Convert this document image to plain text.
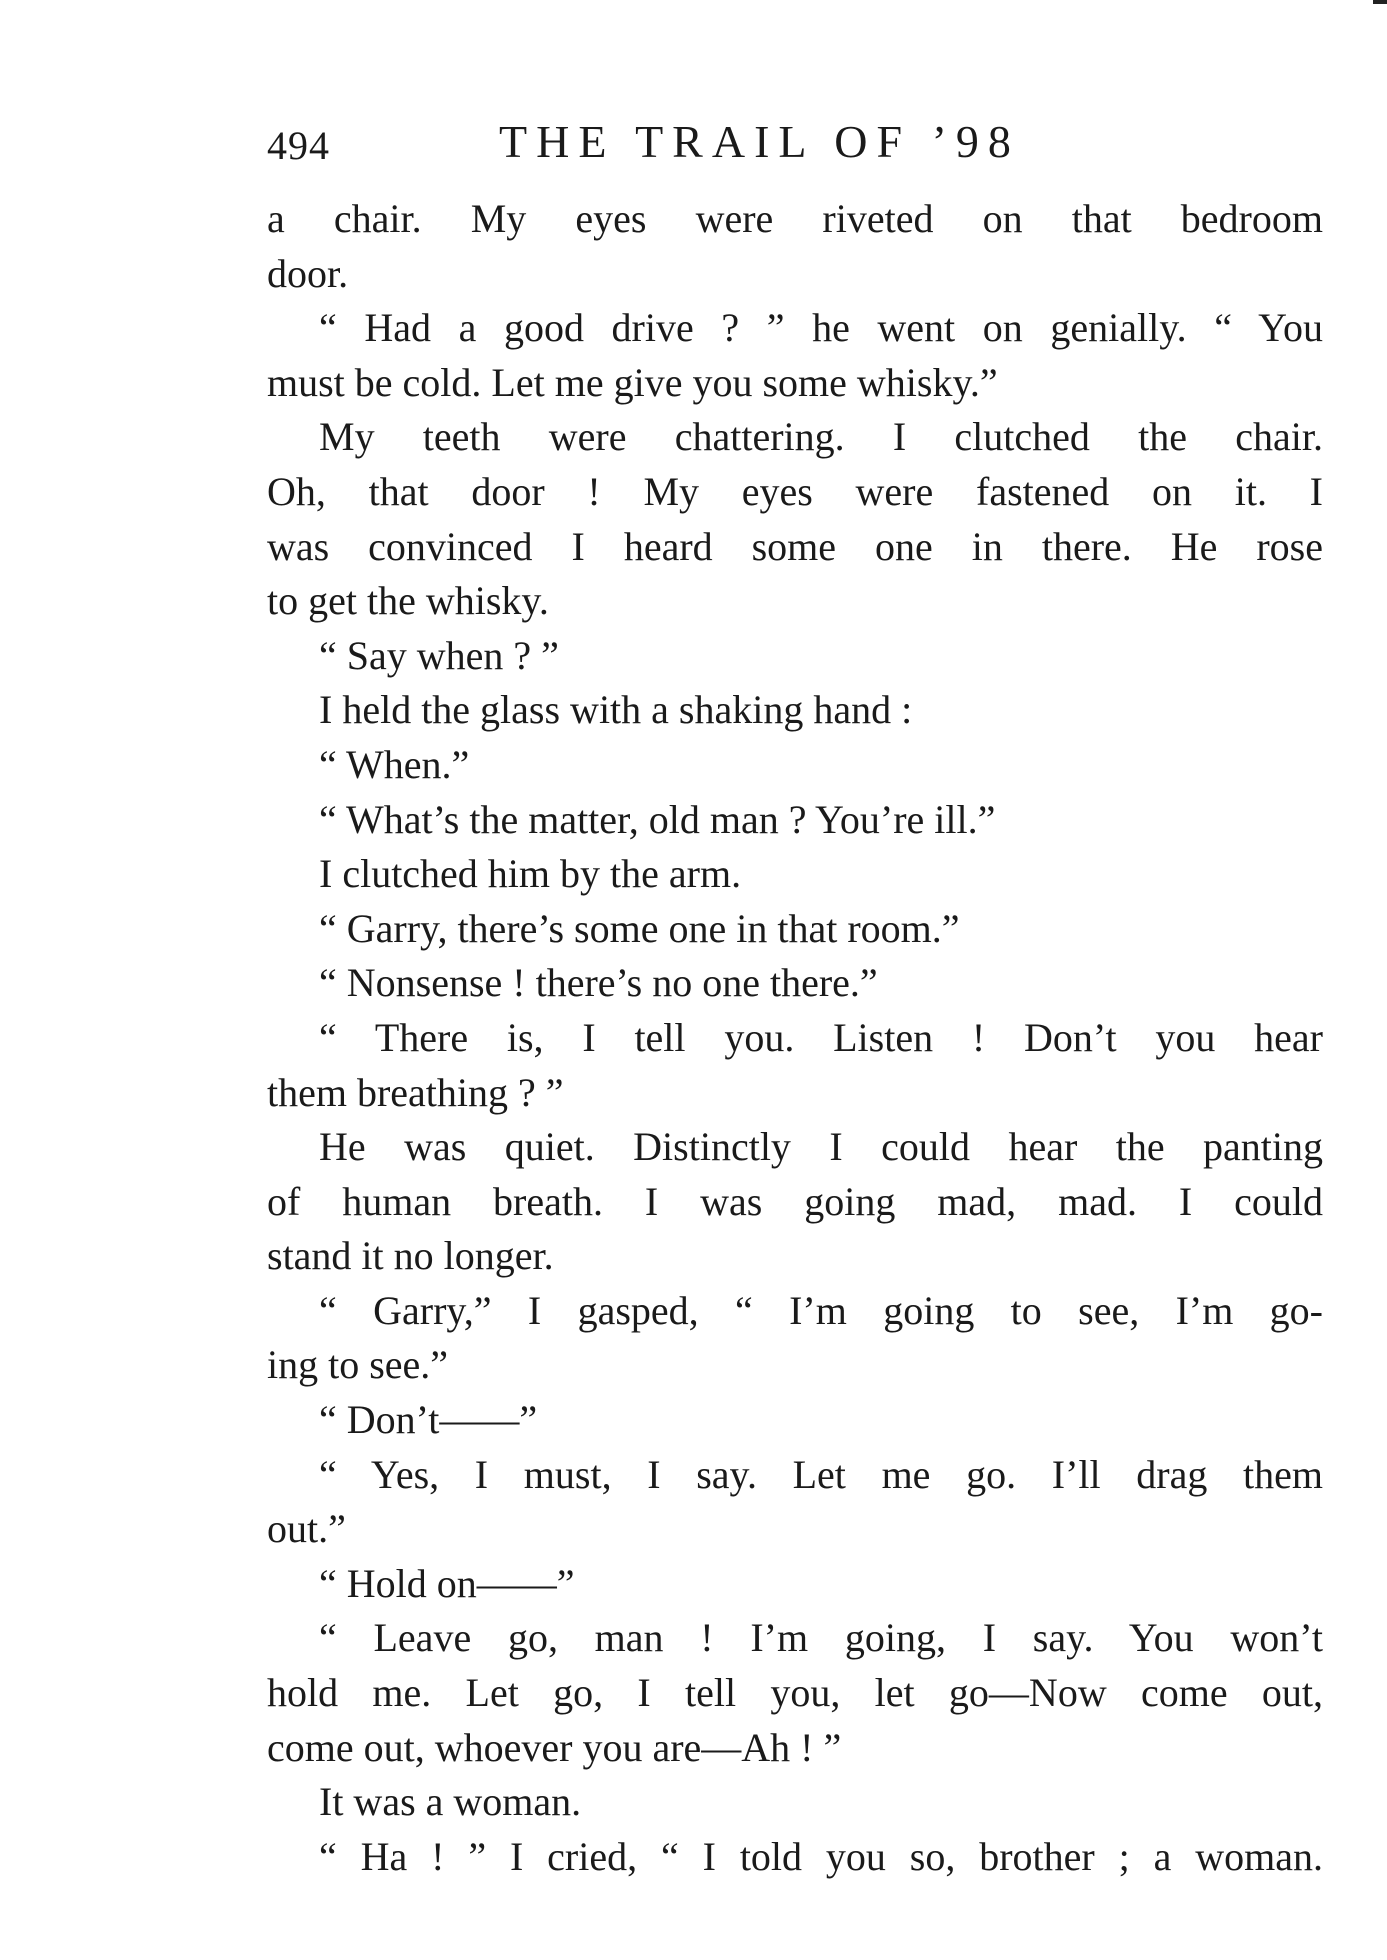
494	THE TRAIL OF ’98
a chair. My eyes were riveted on that bedroom
door.
“ Had a good drive ? ” he went on genially. “ You
must be cold. Let me give you some whisky.”
My teeth were chattering. I clutched the chair.
Oh, that door ! My eyes were fastened on it. I
was convinced I heard some one in there. He rose
to get the whisky.
“ Say when ? ”
I held the glass with a shaking hand :
“ When.”
“ What’s the matter, old man ? You’re ill.”
I clutched him by the arm.
“ Garry, there’s some one in that room.”
“ Nonsense ! there’s no one there.”
“ There is, I tell you. Listen ! Don’t you hear
them breathing ? ”
He was quiet. Distinctly I could hear the panting
of human breath. I was going mad, mad. I could
stand it no longer.
“ Garry,” I gasped, “ I’m going to see, I’m go-
ing to see.”
“ Don’t——”
“ Yes, I must, I say. Let me go. I’ll drag them
out.”
“ Hold on——”
“ Leave go, man ! I’m going, I say. You won’t
hold me. Let go, I tell you, let go—Now come out,
come out, whoever you are—Ah ! ”
It was a woman.
“ Ha ! ” I cried, “ I told you so, brother ; a woman.
